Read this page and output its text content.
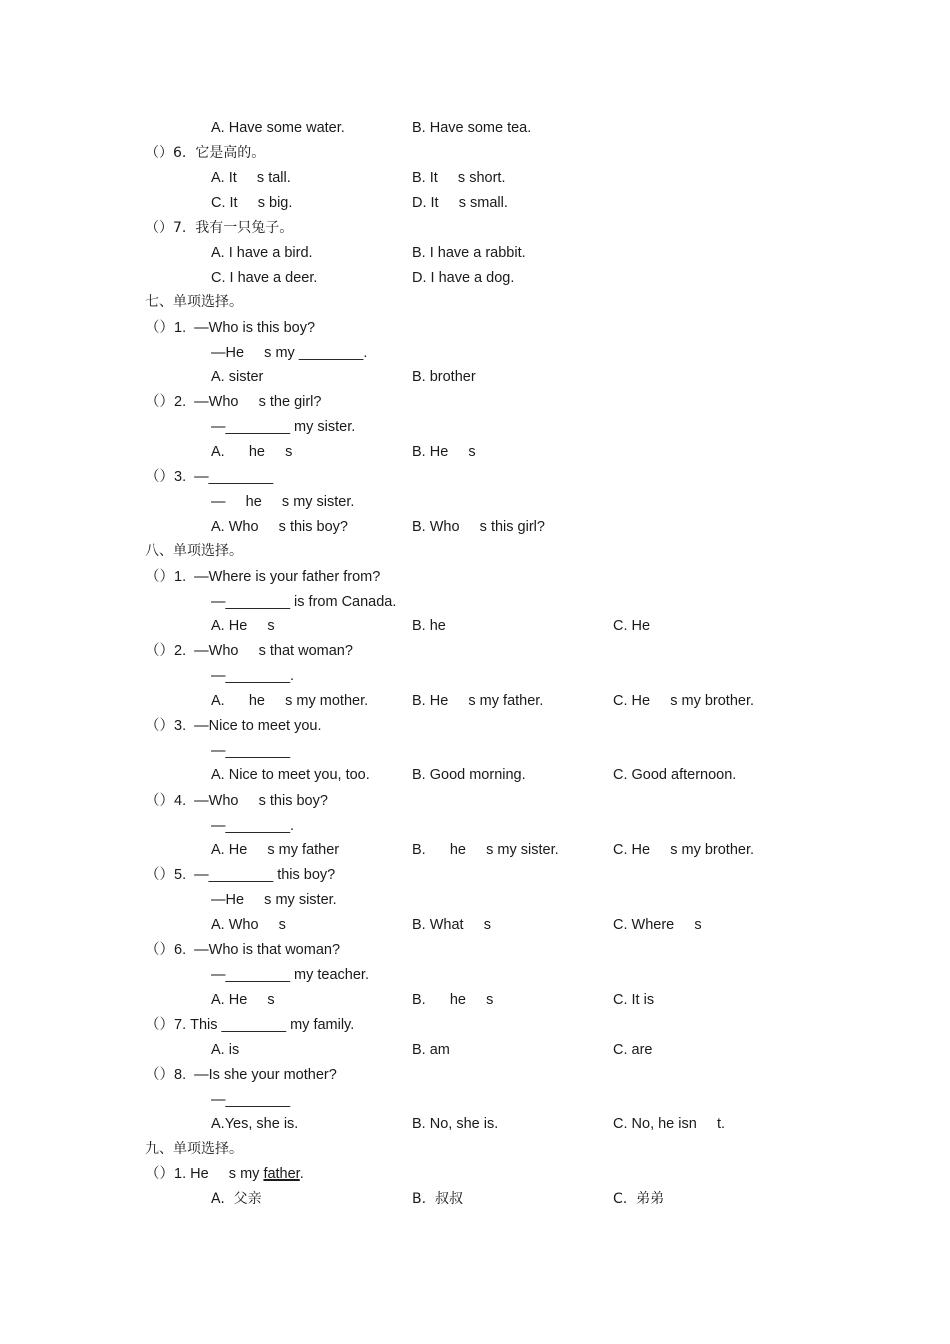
A. Have some water.	B. Have some tea.
（）6.  它是高的。
A. It     s tall.	B. It     s short.
C. It     s big.	D. It     s small.
（）7.  我有一只兔子。
A. I have a bird.	B. I have a rabbit.
C. I have a deer.	D. I have a dog.
七、单项选择。
（）1.  —Who is this boy?
—He     s my ________.
A. sister	B. brother
（）2.  —Who     s the girl?
—________ my sister.
A.      he     s	B. He     s
（）3.  —________
—     he     s my sister.
A. Who     s this boy?	B. Who     s this girl?
八、单项选择。
（）1.  —Where is your father from?
—________ is from Canada.
A. He     s	B. he	C. He
（）2.  —Who     s that woman?
—________.
A.      he     s my mother.	B. He     s my father.	C. He     s my brother.
（）3.  —Nice to meet you.
—________
A. Nice to meet you, too.	B. Good morning.	C. Good afternoon.
（）4.  —Who     s this boy?
—________.
A. He     s my father	B.      he     s my sister.	C. He     s my brother.
（）5.  —________ this boy?
—He     s my sister.
A. Who     s	B. What     s	C. Where     s
（）6.  —Who is that woman?
—________ my teacher.
A. He     s	B.      he     s	C. It is
（）7. This ________ my family.
A. is	B. am	C. are
（）8.  —Is she your mother?
—________
A.Yes, she is.	B. No, she is.	C. No, he isn     t.
九、单项选择。
（）1. He     s my father.
A.  父亲	B.  叔叔	C.  弟弟
